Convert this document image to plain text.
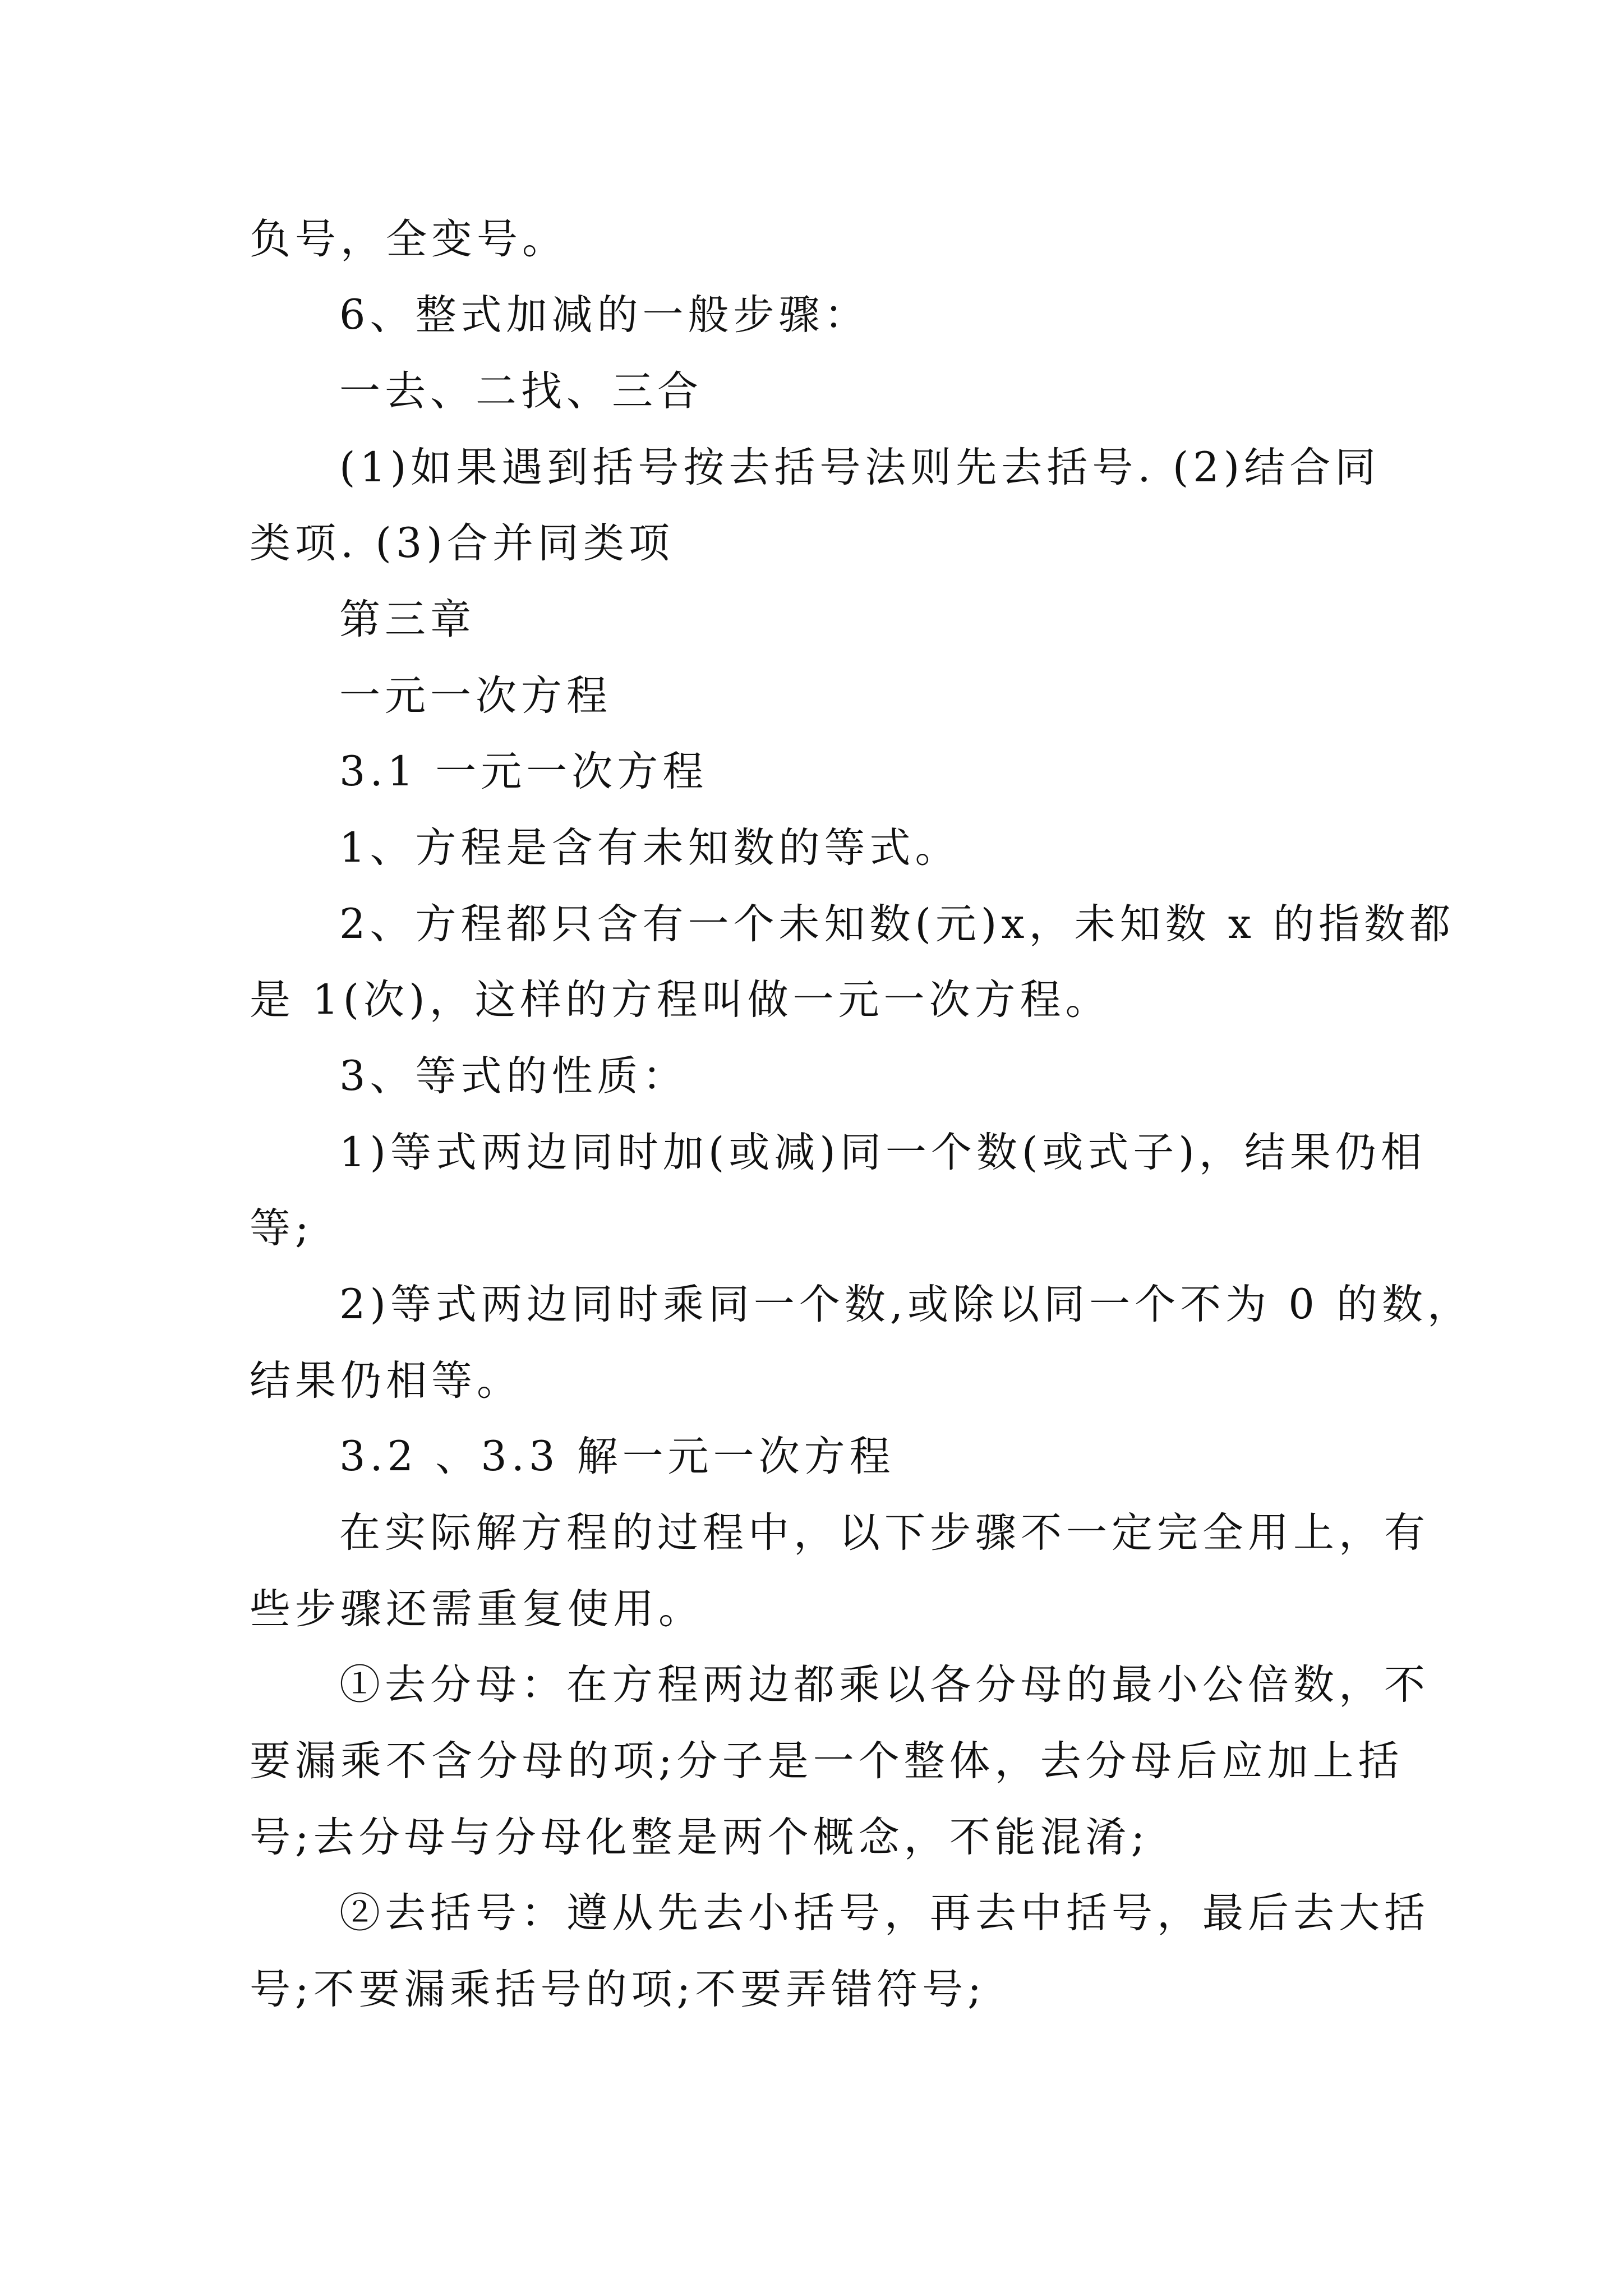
负号，全变号。
6、整式加减的一般步骤：
一去、二找、三合
(1)如果遇到括号按去括号法则先去括号. (2)结合同
类项. (3)合并同类项
第三章
一元一次方程
3.1 一元一次方程
1、方程是含有未知数的等式。
2、方程都只含有一个未知数(元)x，未知数 x 的指数都
是 1(次)，这样的方程叫做一元一次方程。
3、等式的性质：
1)等式两边同时加(或减)同一个数(或式子)，结果仍相
等;
2)等式两边同时乘同一个数,或除以同一个不为 0 的数，
结果仍相等。
3.2 、3.3 解一元一次方程
在实际解方程的过程中，以下步骤不一定完全用上，有
些步骤还需重复使用。
①去分母：在方程两边都乘以各分母的最小公倍数，不
要漏乘不含分母的项;分子是一个整体，去分母后应加上括
号;去分母与分母化整是两个概念，不能混淆;
②去括号：遵从先去小括号，再去中括号，最后去大括
号;不要漏乘括号的项;不要弄错符号;
